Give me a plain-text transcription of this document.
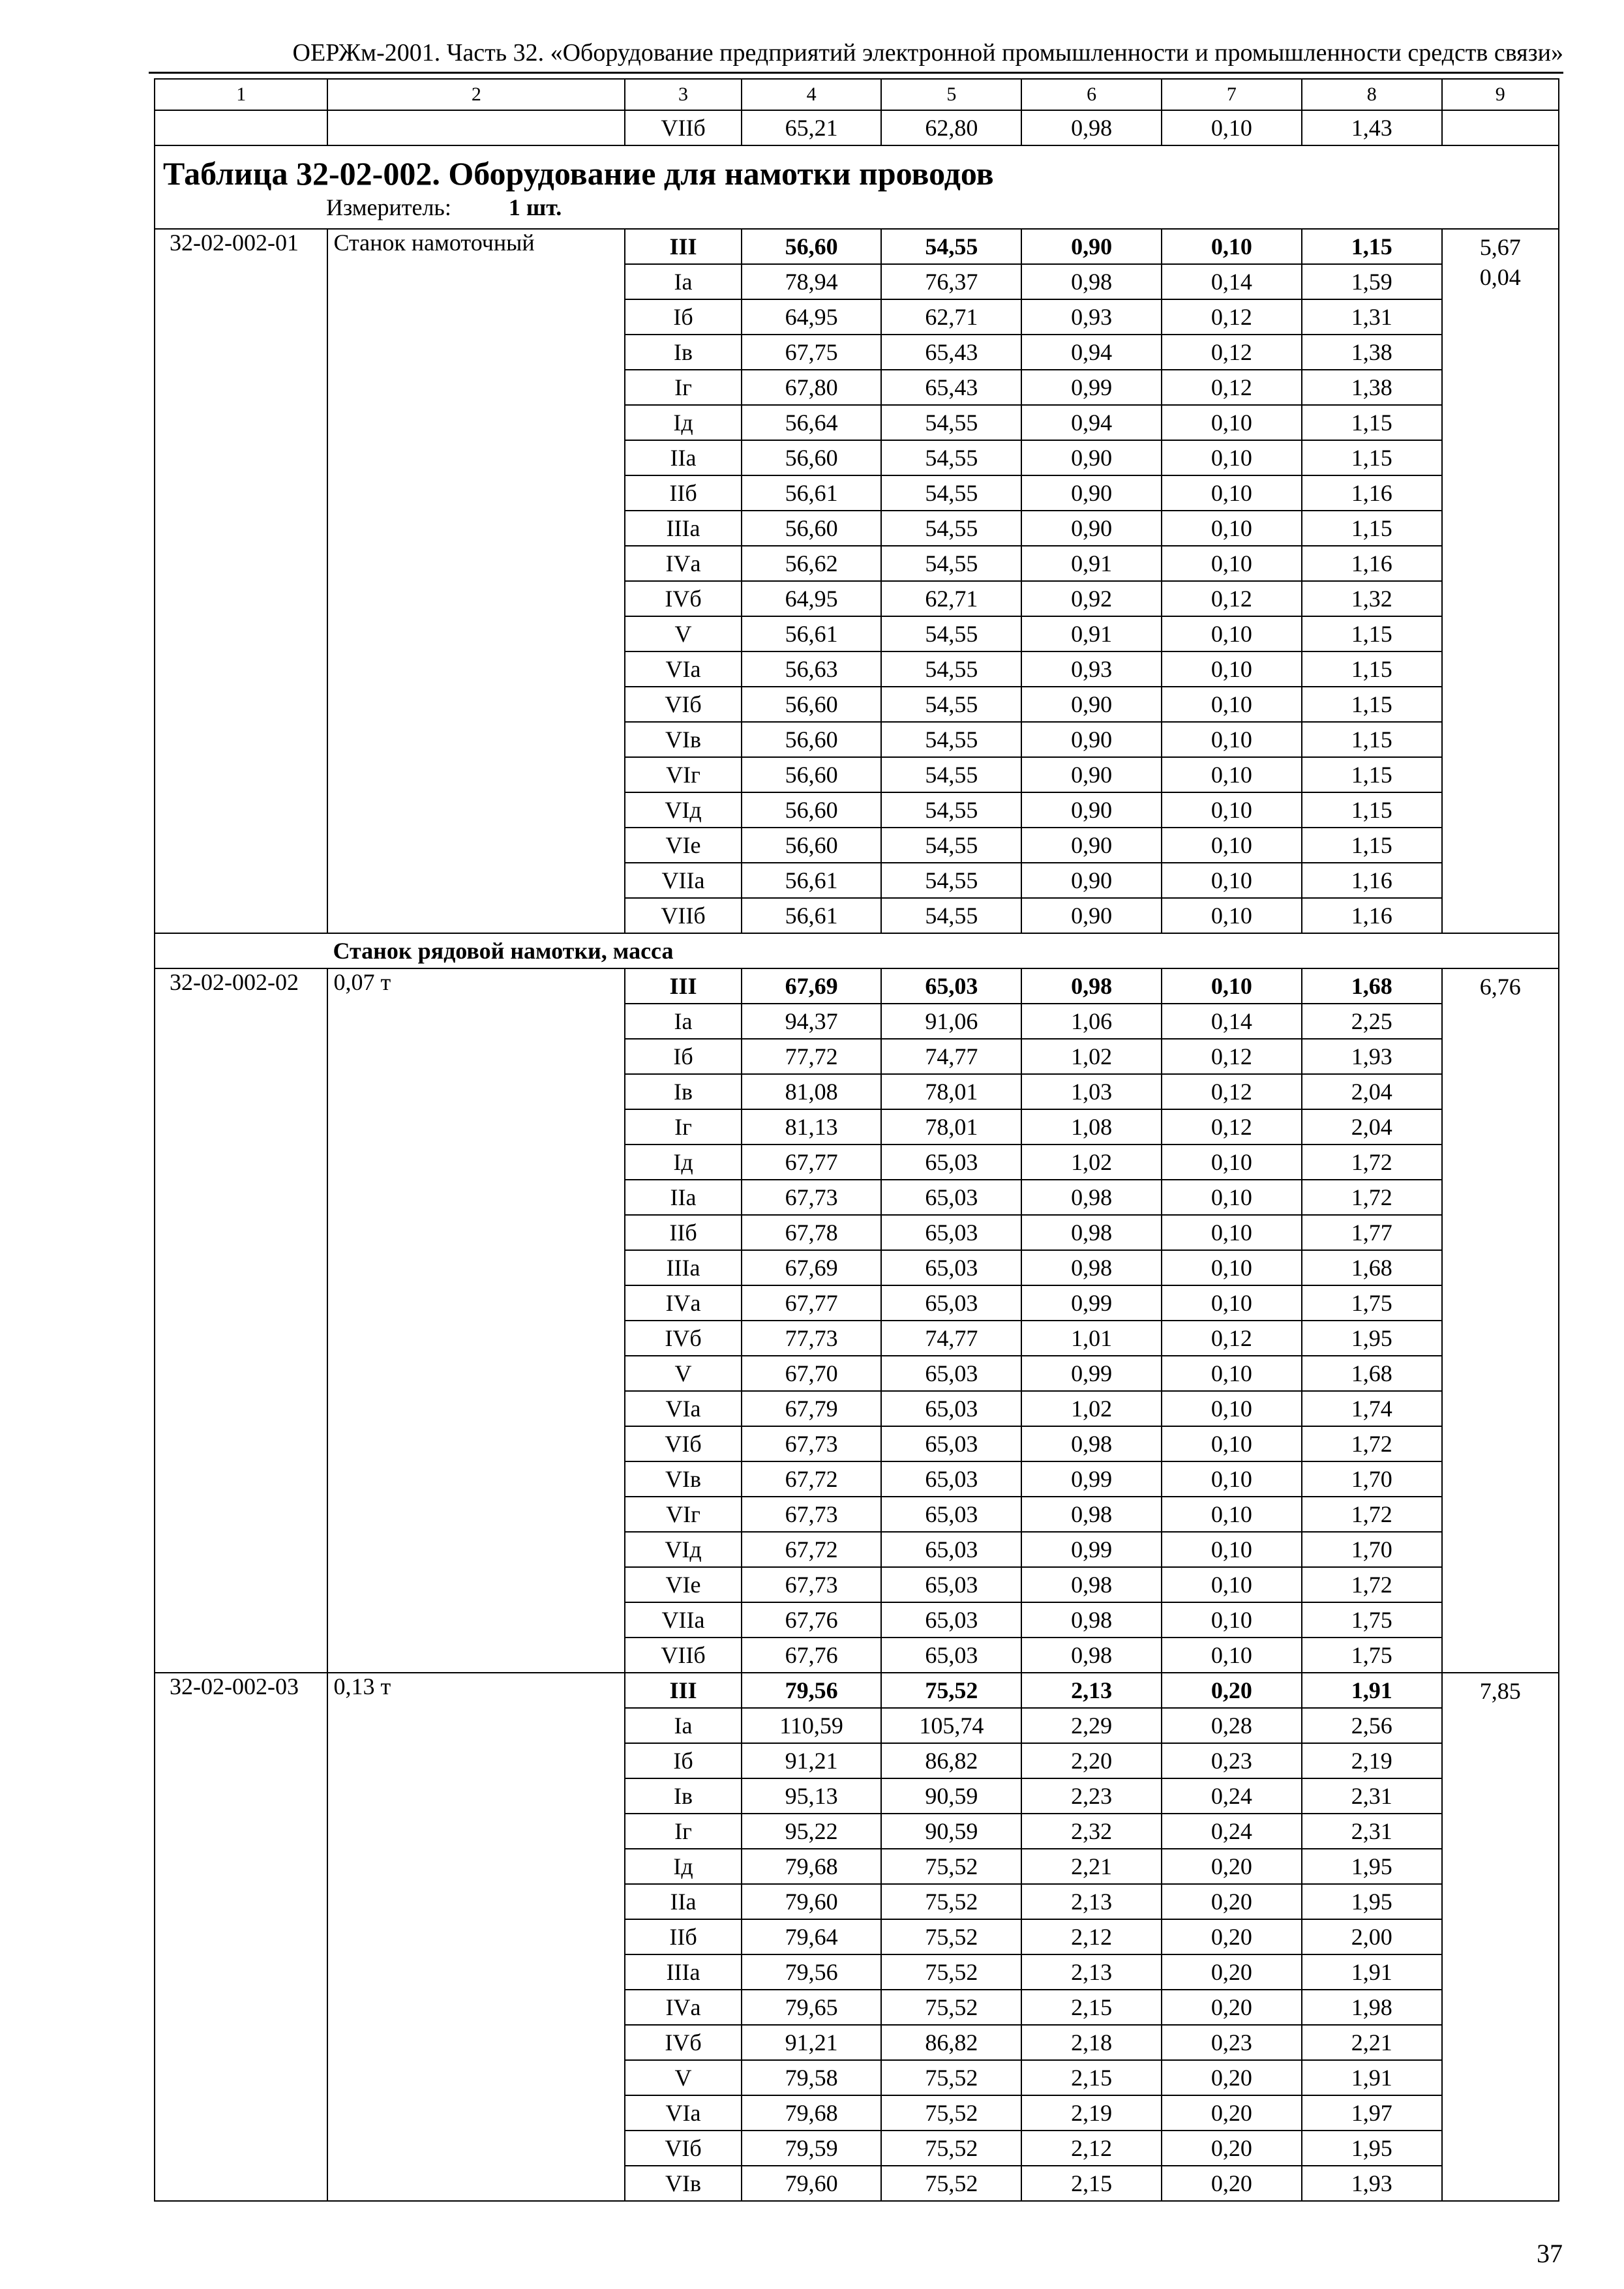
ОЕРЖм-2001. Часть 32. «Оборудование предприятий электронной промышленности и промышленности средств связи»
1	2	3	4	5	6	7	8	9
		VIIб	65,21	62,80	0,98	0,10	1,43	

Таблица 32-02-002. Оборудование для намотки проводов
Измеритель: 1 шт.								

32-02-002-01	Станок намоточный	III	56,60	54,55	0,90	0,10	1,15	5,67
		Iа	78,94	76,37	0,98	0,14	1,59	0,04
		Iб	64,95	62,71	0,93	0,12	1,31	
		Iв	67,75	65,43	0,94	0,12	1,38	
		Iг	67,80	65,43	0,99	0,12	1,38	
		Iд	56,64	54,55	0,94	0,10	1,15	
		IIа	56,60	54,55	0,90	0,10	1,15	
		IIб	56,61	54,55	0,90	0,10	1,16	
		IIIа	56,60	54,55	0,90	0,10	1,15	
		IVа	56,62	54,55	0,91	0,10	1,16	
		IVб	64,95	62,71	0,92	0,12	1,32	
		V	56,61	54,55	0,91	0,10	1,15	
		VIа	56,63	54,55	0,93	0,10	1,15	
		VIб	56,60	54,55	0,90	0,10	1,15	
		VIв	56,60	54,55	0,90	0,10	1,15	
		VIг	56,60	54,55	0,90	0,10	1,15	
		VIд	56,60	54,55	0,90	0,10	1,15	
		VIе	56,60	54,55	0,90	0,10	1,15	
		VIIа	56,61	54,55	0,90	0,10	1,16	
		VIIб	56,61	54,55	0,90	0,10	1,16	
	Станок рядовой намотки, масса							
32-02-002-02	0,07 т	III	67,69	65,03	0,98	0,10	1,68	6,76
		Iа	94,37	91,06	1,06	0,14	2,25	
		Iб	77,72	74,77	1,02	0,12	1,93	
		Iв	81,08	78,01	1,03	0,12	2,04	
		Iг	81,13	78,01	1,08	0,12	2,04	
		Iд	67,77	65,03	1,02	0,10	1,72	
		IIа	67,73	65,03	0,98	0,10	1,72	
		IIб	67,78	65,03	0,98	0,10	1,77	
		IIIа	67,69	65,03	0,98	0,10	1,68	
		IVа	67,77	65,03	0,99	0,10	1,75	
		IVб	77,73	74,77	1,01	0,12	1,95	
		V	67,70	65,03	0,99	0,10	1,68	
		VIа	67,79	65,03	1,02	0,10	1,74	
		VIб	67,73	65,03	0,98	0,10	1,72	
		VIв	67,72	65,03	0,99	0,10	1,70	
		VIг	67,73	65,03	0,98	0,10	1,72	
		VIд	67,72	65,03	0,99	0,10	1,70	
		VIе	67,73	65,03	0,98	0,10	1,72	
		VIIа	67,76	65,03	0,98	0,10	1,75	
		VIIб	67,76	65,03	0,98	0,10	1,75	
32-02-002-03	0,13 т	III	79,56	75,52	2,13	0,20	1,91	7,85
		Iа	110,59	105,74	2,29	0,28	2,56	
		Iб	91,21	86,82	2,20	0,23	2,19	
		Iв	95,13	90,59	2,23	0,24	2,31	
		Iг	95,22	90,59	2,32	0,24	2,31	
		Iд	79,68	75,52	2,21	0,20	1,95	
		IIа	79,60	75,52	2,13	0,20	1,95	
		IIб	79,64	75,52	2,12	0,20	2,00	
		IIIа	79,56	75,52	2,13	0,20	1,91	
		IVа	79,65	75,52	2,15	0,20	1,98	
		IVб	91,21	86,82	2,18	0,23	2,21	
		V	79,58	75,52	2,15	0,20	1,91	
		VIа	79,68	75,52	2,19	0,20	1,97	
		VIб	79,59	75,52	2,12	0,20	1,95	
		VIв	79,60	75,52	2,15	0,20	1,93	
37
